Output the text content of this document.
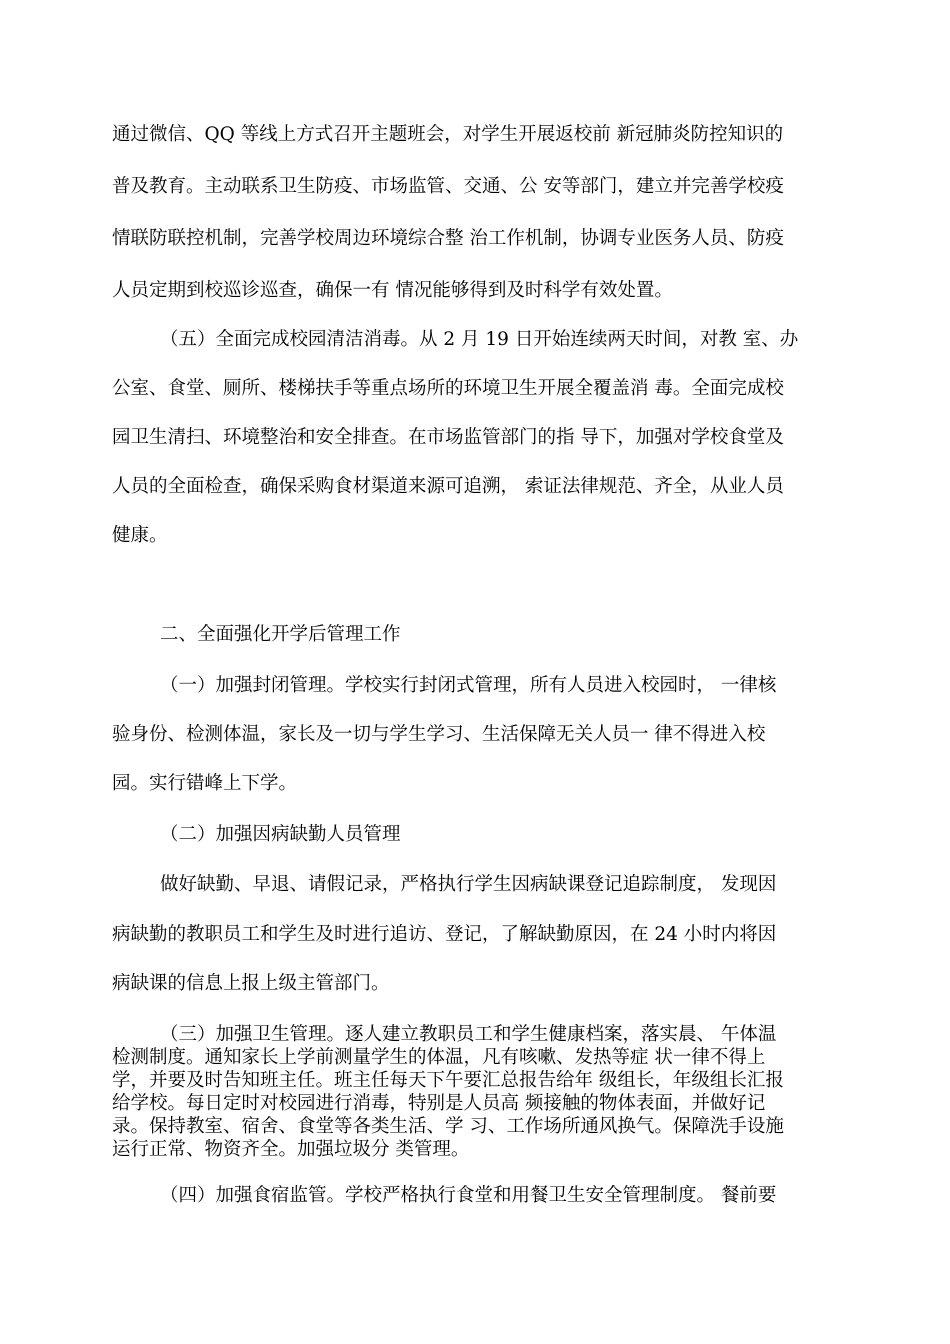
通过微信、QQ 等线上方式召开主题班会，对学生开展返校前 新冠肺炎防控知识的
普及教育。主动联系卫生防疫、市场监管、交通、公 安等部门，建立并完善学校疫
情联防联控机制，完善学校周边环境综合整 治工作机制，协调专业医务人员、防疫
人员定期到校巡诊巡查，确保一有 情况能够得到及时科学有效处置。
（五）全面完成校园清洁消毒。从 2 月 19 日开始连续两天时间，对教 室、办
公室、食堂、厕所、楼梯扶手等重点场所的环境卫生开展全覆盖消 毒。全面完成校
园卫生清扫、环境整治和安全排查。在市场监管部门的指 导下，加强对学校食堂及
人员的全面检查，确保采购食材渠道来源可追溯， 索证法律规范、齐全，从业人员
健康。
二、全面强化开学后管理工作
（一）加强封闭管理。学校实行封闭式管理，所有人员进入校园时， 一律核
验身份、检测体温，家长及一切与学生学习、生活保障无关人员一 律不得进入校
园。实行错峰上下学。
（二）加强因病缺勤人员管理
做好缺勤、早退、请假记录，严格执行学生因病缺课登记追踪制度， 发现因
病缺勤的教职员工和学生及时进行追访、登记，了解缺勤原因，在 24 小时内将因
病缺课的信息上报上级主管部门。
（三）加强卫生管理。逐人建立教职员工和学生健康档案，落实晨、 午体温
检测制度。通知家长上学前测量学生的体温，凡有咳嗽、发热等症 状一律不得上
学，并要及时告知班主任。班主任每天下午要汇总报告给年 级组长，年级组长汇报
给学校。每日定时对校园进行消毒，特别是人员高 频接触的物体表面，并做好记
录。保持教室、宿舍、食堂等各类生活、学 习、工作场所通风换气。保障洗手设施
运行正常、物资齐全。加强垃圾分 类管理。
（四）加强食宿监管。学校严格执行食堂和用餐卫生安全管理制度。 餐前要
